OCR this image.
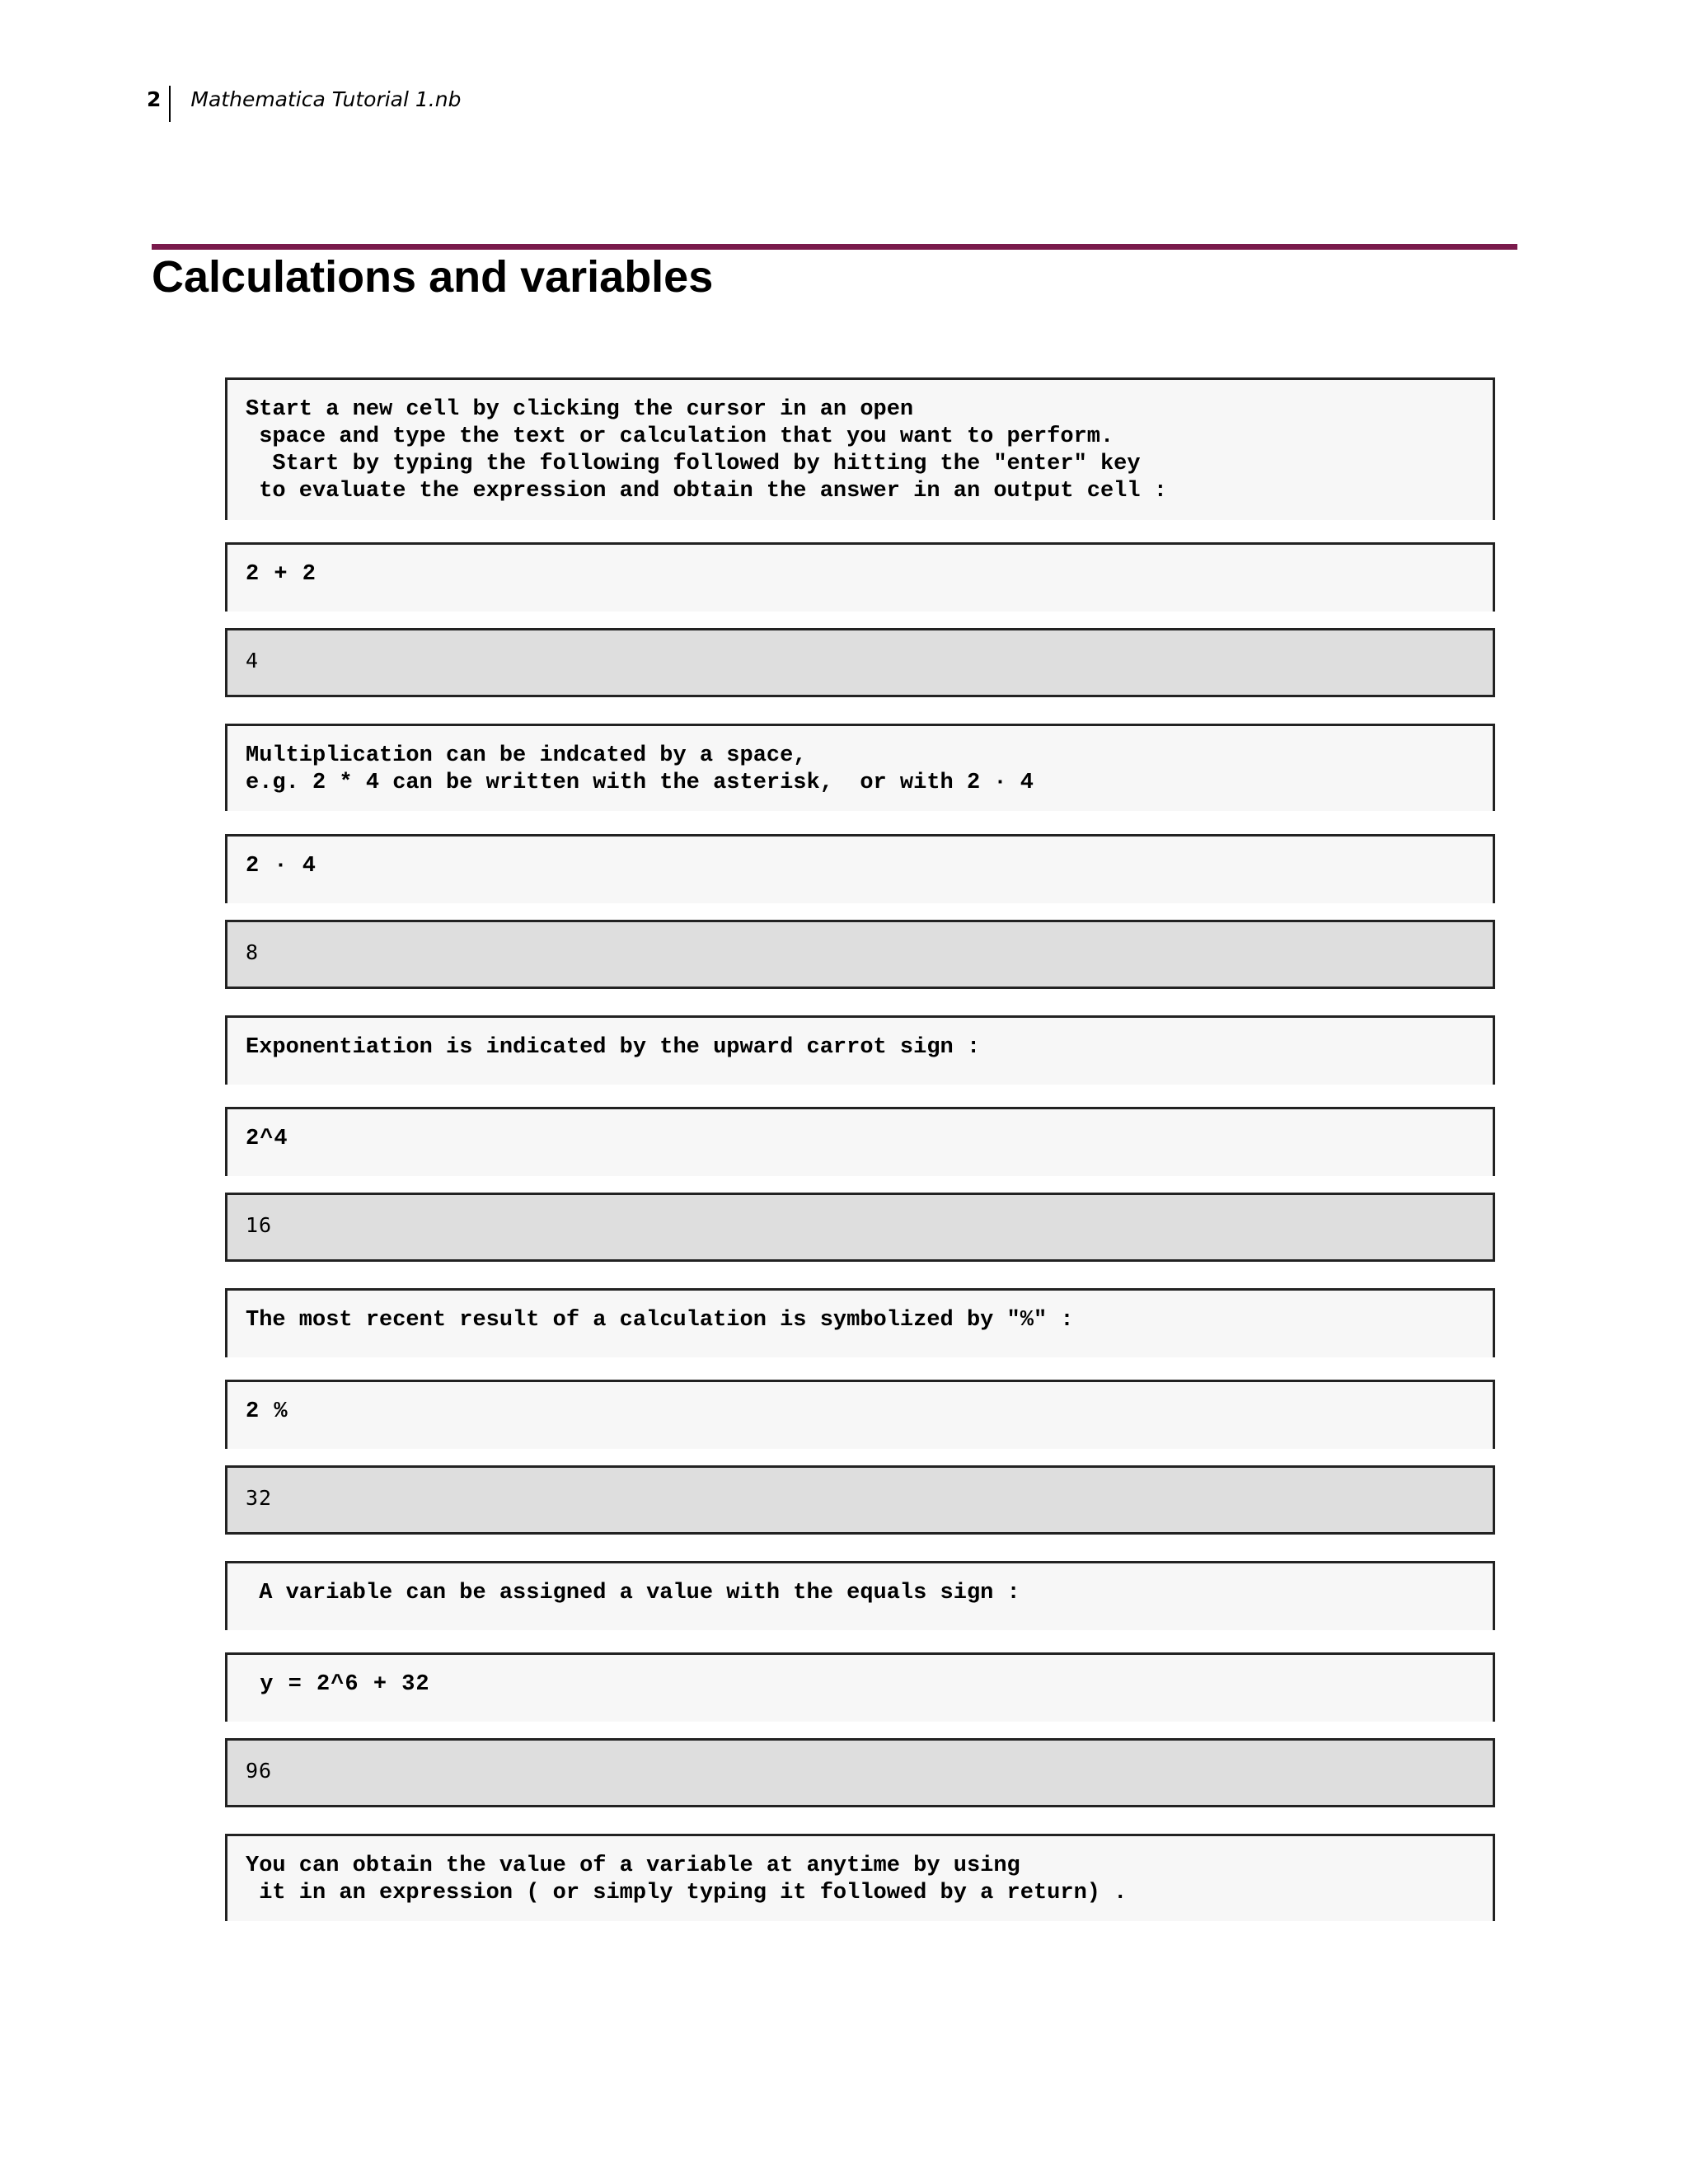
2	Mathematica Tutorial 1.nb
Calculations and variables
Start a new cell by clicking the cursor in an open
space and type the text or calculation that you want to perform.
Start by typing the following followed by hitting the "enter" key
to evaluate the expression and obtain the answer in an output cell :
2 + 2
4
Multiplication can be indcated by a space,
e.g. 2 * 4 can be written with the asterisk,  or with 2 · 4
2 · 4
8
Exponentiation is indicated by the upward carrot sign :
2^4
16
The most recent result of a calculation is symbolized by "%" :
2 %
32
A variable can be assigned a value with the equals sign :
y = 2^6 + 32
96
You can obtain the value of a variable at anytime by using
it in an expression ( or simply typing it followed by a return) .
